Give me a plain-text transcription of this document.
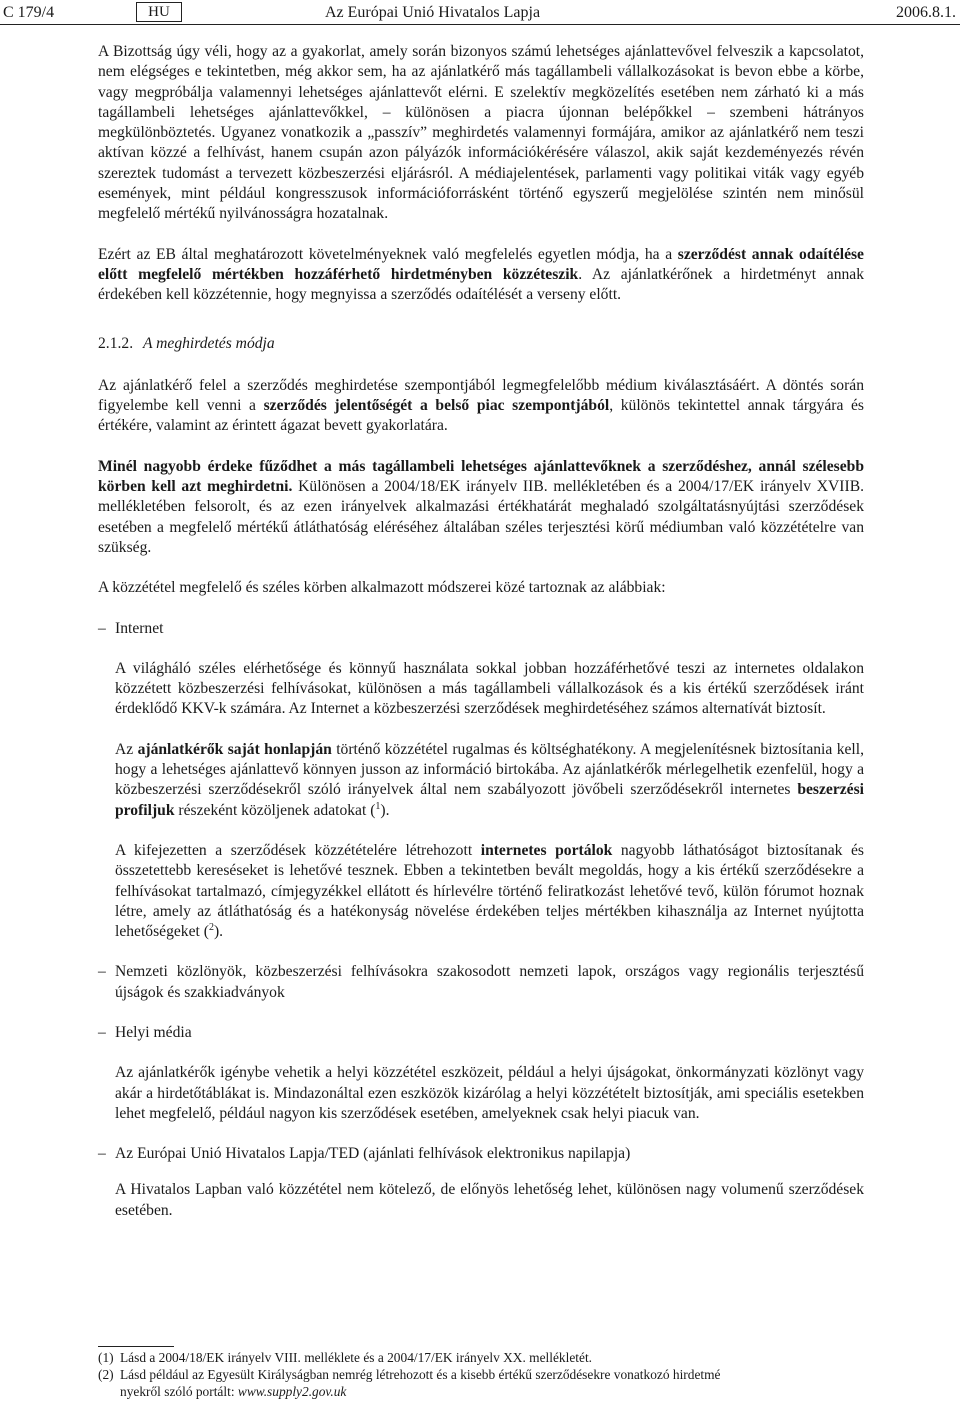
C 179/4	HU	Az Európai Unió Hivatalos Lapja	2006.8.1.

A Bizottság úgy véli, hogy az a gyakorlat, amely során bizonyos számú lehetséges ajánlattevővel felveszik a kapcsolatot, nem elégséges e tekintetben, még akkor sem, ha az ajánlatkérő más tagállambeli vállalkozásokat is bevon ebbe a körbe, vagy megpróbálja valamennyi lehetséges ajánlattevőt elérni. E szelektív megközelítés esetében nem zárható ki a más tagállambeli lehetséges ajánlattevőkkel, – különösen a piacra újonnan belépőkkel – szembeni hátrányos megkülönböztetés. Ugyanez vonatkozik a „passzív” meghirdetés valamennyi formájára, amikor az ajánlatkérő nem teszi aktívan közzé a felhívást, hanem csupán azon pályázók információkérésére válaszol, akik saját kezdeményezés révén szereztek tudomást a tervezett közbeszerzési eljárásról. A médiajelentések, parlamenti vagy politikai viták vagy egyéb események, mint például kongresszusok információforrásként történő egyszerű megjelölése szintén nem minősül megfelelő mértékű nyilvánosságra hozatalnak.

Ezért az EB által meghatározott követelményeknek való megfelelés egyetlen módja, ha a szerződést annak odaítélése előtt megfelelő mértékben hozzáférhető hirdetményben közzéteszik. Az ajánlatkérőnek a hirdetményt annak érdekében kell közzétennie, hogy megnyissa a szerződés odaítélését a verseny előtt.

2.1.2. A meghirdetés módja

Az ajánlatkérő felel a szerződés meghirdetése szempontjából legmegfelelőbb médium kiválasztásáért. A döntés során figyelembe kell venni a szerződés jelentőségét a belső piac szempontjából, különös tekintettel annak tárgyára és értékére, valamint az érintett ágazat bevett gyakorlatára.

Minél nagyobb érdeke fűződhet a más tagállambeli lehetséges ajánlattevőknek a szerződéshez, annál szélesebb körben kell azt meghirdetni. Különösen a 2004/18/EK irányelv IIB. mellékletében és a 2004/17/EK irányelv XVIIB. mellékletében felsorolt, és az ezen irányelvek alkalmazási értékhatárát meghaladó szolgáltatásnyújtási szerződések esetében a megfelelő mértékű átláthatóság eléréséhez általában széles terjesztési körű médiumban való közzétételre van szükség.

A közzététel megfelelő és széles körben alkalmazott módszerei közé tartoznak az alábbiak:

– Internet

A világháló széles elérhetősége és könnyű használata sokkal jobban hozzáférhetővé teszi az internetes oldalakon közzétett közbeszerzési felhívásokat, különösen a más tagállambeli vállalkozások és a kis értékű szerződések iránt érdeklődő KKV-k számára. Az Internet a közbeszerzési szerződések meghirdetéséhez számos alternatívát biztosít.

Az ajánlatkérők saját honlapján történő közzététel rugalmas és költséghatékony. A megjelenítésnek biztosítania kell, hogy a lehetséges ajánlattevő könnyen jusson az információ birtokába. Az ajánlatkérők mérlegelhetik ezenfelül, hogy a közbeszerzési szerződésekről szóló irányelvek által nem szabályozott jövőbeli szerződésekről internetes beszerzési profiljuk részeként közöljenek adatokat ($^1$).

A kifejezetten a szerződések közzétételére létrehozott internetes portálok nagyobb láthatóságot biztosítanak és összetettebb kereséseket is lehetővé tesznek. Ebben a tekintetben bevált megoldás, hogy a kis értékű szerződésekre a felhívásokat tartalmazó, címjegyzékkel ellátott és hírlevélre történő feliratkozást lehetővé tevő, külön fórumot hoznak létre, amely az átláthatóság és a hatékonyság növelése érdekében teljes mértékben kihasználja az Internet nyújtotta lehetőségeket ($^2$).

– Nemzeti közlönyök, közbeszerzési felhívásokra szakosodott nemzeti lapok, országos vagy regionális terjesztésű újságok és szakkiadványok
– Helyi média

Az ajánlatkérők igénybe vehetik a helyi közzététel eszközeit, például a helyi újságokat, önkormányzati közlönyt vagy akár a hirdetőtáblákat is. Mindazonáltal ezen eszközök kizárólag a helyi közzétételt biztosítják, ami speciális esetekben lehet megfelelő, például nagyon kis szerződések esetében, amelyeknek csak helyi piacuk van.

– Az Európai Unió Hivatalos Lapja/TED (ajánlati felhívások elektronikus napilapja)

A Hivatalos Lapban való közzététel nem kötelező, de előnyös lehetőség lehet, különösen nagy volumenű szerződések esetében.

(1) Lásd a 2004/18/EK irányelv VIII. melléklete és a 2004/17/EK irányelv XX. mellékletét.
(2) Lásd például az Egyesült Királyságban nemrég létrehozott és a kisebb értékű szerződésekre vonatkozó hirdetmé
nyekről szóló portált: www.supply2.gov.uk
